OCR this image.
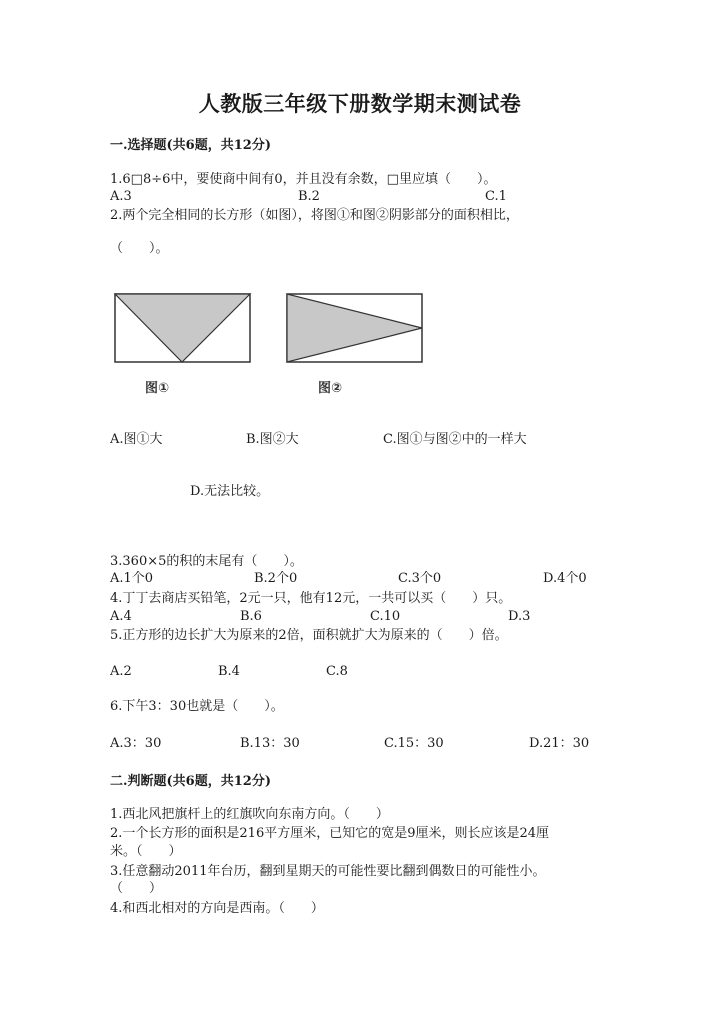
人教版三年级下册数学期末测试卷
一.选择题(共6题，共12分)
1.6□8÷6中，要使商中间有0，并且没有余数，□里应填（　　）。
A.3	B.2	C.1
2.两个完全相同的长方形（如图），将图①和图②阴影部分的面积相比，
（　　）。
图①	图②
A.图①大	B.图②大	C.图①与图②中的一样大
D.无法比较。
3.360×5的积的末尾有（　　）。
A.1个0	B.2个0	C.3个0	D.4个0
4.丁丁去商店买铅笔，2元一只，他有12元，一共可以买（　　）只。
A.4	B.6	C.10	D.3
5.正方形的边长扩大为原来的2倍，面积就扩大为原来的（　　）倍。
A.2	B.4	C.8
6.下午3：30也就是（　　）。
A.3：30	B.13：30	C.15：30	D.21：30
二.判断题(共6题，共12分)
1.西北风把旗杆上的红旗吹向东南方向。（　　）
2.一个长方形的面积是216平方厘米，已知它的宽是9厘米，则长应该是24厘
米。（　　）
3.任意翻动2011年台历，翻到星期天的可能性要比翻到偶数日的可能性小。
（　　）
4.和西北相对的方向是西南。（　　）
